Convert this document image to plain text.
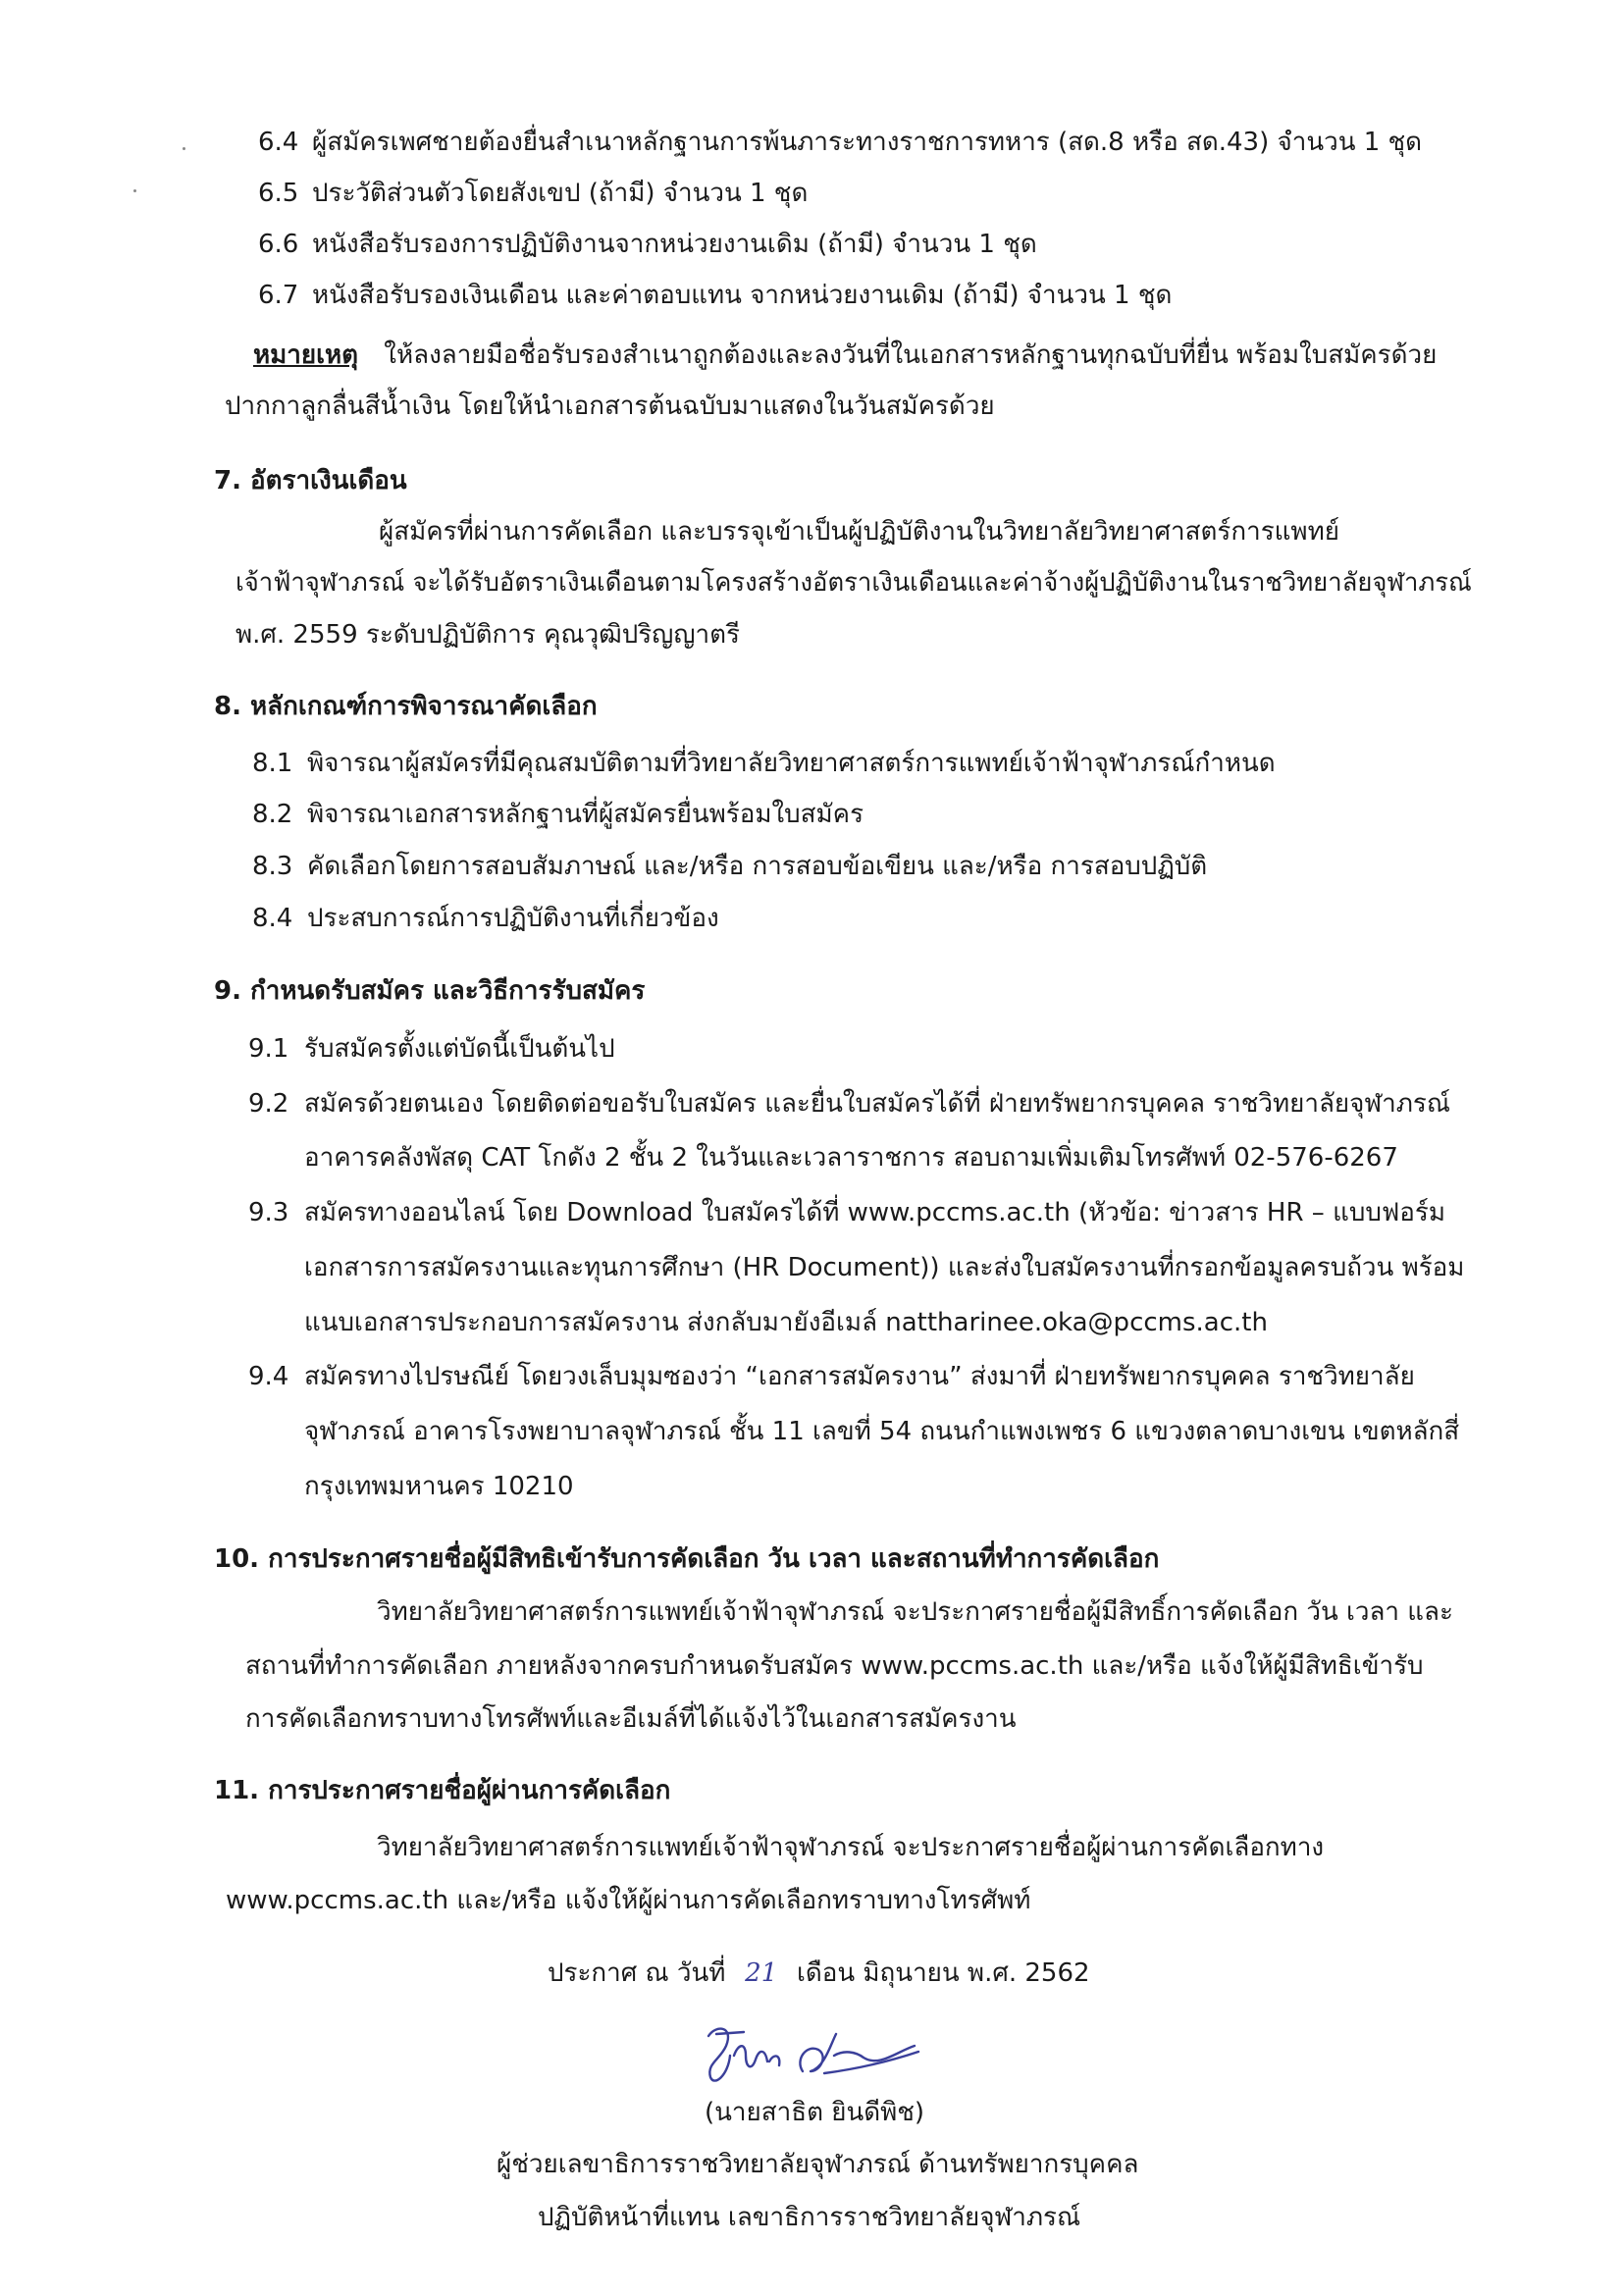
6.4 ผู้สมัครเพศชายต้องยื่นสำเนาหลักฐานการพ้นภาระทางราชการทหาร (สด.8 หรือ สด.43) จำนวน 1 ชุด
6.5 ประวัติส่วนตัวโดยสังเขป (ถ้ามี) จำนวน 1 ชุด
6.6 หนังสือรับรองการปฏิบัติงานจากหน่วยงานเดิม (ถ้ามี) จำนวน 1 ชุด
6.7 หนังสือรับรองเงินเดือน และค่าตอบแทน จากหน่วยงานเดิม (ถ้ามี) จำนวน 1 ชุด
หมายเหตุ ให้ลงลายมือชื่อรับรองสำเนาถูกต้องและลงวันที่ในเอกสารหลักฐานทุกฉบับที่ยื่น พร้อมใบสมัครด้วย
ปากกาลูกลื่นสีน้ำเงิน โดยให้นำเอกสารต้นฉบับมาแสดงในวันสมัครด้วย
7. อัตราเงินเดือน
ผู้สมัครที่ผ่านการคัดเลือก และบรรจุเข้าเป็นผู้ปฏิบัติงานในวิทยาลัยวิทยาศาสตร์การแพทย์
เจ้าฟ้าจุฬาภรณ์ จะได้รับอัตราเงินเดือนตามโครงสร้างอัตราเงินเดือนและค่าจ้างผู้ปฏิบัติงานในราชวิทยาลัยจุฬาภรณ์
พ.ศ. 2559 ระดับปฏิบัติการ คุณวุฒิปริญญาตรี
8. หลักเกณฑ์การพิจารณาคัดเลือก
8.1 พิจารณาผู้สมัครที่มีคุณสมบัติตามที่วิทยาลัยวิทยาศาสตร์การแพทย์เจ้าฟ้าจุฬาภรณ์กำหนด
8.2 พิจารณาเอกสารหลักฐานที่ผู้สมัครยื่นพร้อมใบสมัคร
8.3 คัดเลือกโดยการสอบสัมภาษณ์ และ/หรือ การสอบข้อเขียน และ/หรือ การสอบปฏิบัติ
8.4 ประสบการณ์การปฏิบัติงานที่เกี่ยวข้อง
9. กำหนดรับสมัคร และวิธีการรับสมัคร
9.1 รับสมัครตั้งแต่บัดนี้เป็นต้นไป
9.2 สมัครด้วยตนเอง โดยติดต่อขอรับใบสมัคร และยื่นใบสมัครได้ที่ ฝ่ายทรัพยากรบุคคล ราชวิทยาลัยจุฬาภรณ์
อาคารคลังพัสดุ CAT โกดัง 2 ชั้น 2 ในวันและเวลาราชการ สอบถามเพิ่มเติมโทรศัพท์ 02-576-6267
9.3 สมัครทางออนไลน์ โดย Download ใบสมัครได้ที่ www.pccms.ac.th (หัวข้อ: ข่าวสาร HR – แบบฟอร์ม
เอกสารการสมัครงานและทุนการศึกษา (HR Document)) และส่งใบสมัครงานที่กรอกข้อมูลครบถ้วน พร้อม
แนบเอกสารประกอบการสมัครงาน ส่งกลับมายังอีเมล์ nattharinee.oka@pccms.ac.th
9.4 สมัครทางไปรษณีย์ โดยวงเล็บมุมซองว่า “เอกสารสมัครงาน” ส่งมาที่ ฝ่ายทรัพยากรบุคคล ราชวิทยาลัย
จุฬาภรณ์ อาคารโรงพยาบาลจุฬาภรณ์ ชั้น 11 เลขที่ 54 ถนนกำแพงเพชร 6 แขวงตลาดบางเขน เขตหลักสี่
กรุงเทพมหานคร 10210
10. การประกาศรายชื่อผู้มีสิทธิเข้ารับการคัดเลือก วัน เวลา และสถานที่ทำการคัดเลือก
วิทยาลัยวิทยาศาสตร์การแพทย์เจ้าฟ้าจุฬาภรณ์ จะประกาศรายชื่อผู้มีสิทธิ์การคัดเลือก วัน เวลา และ
สถานที่ทำการคัดเลือก ภายหลังจากครบกำหนดรับสมัคร www.pccms.ac.th และ/หรือ แจ้งให้ผู้มีสิทธิเข้ารับ
การคัดเลือกทราบทางโทรศัพท์และอีเมล์ที่ได้แจ้งไว้ในเอกสารสมัครงาน
11. การประกาศรายชื่อผู้ผ่านการคัดเลือก
วิทยาลัยวิทยาศาสตร์การแพทย์เจ้าฟ้าจุฬาภรณ์ จะประกาศรายชื่อผู้ผ่านการคัดเลือกทาง
www.pccms.ac.th และ/หรือ แจ้งให้ผู้ผ่านการคัดเลือกทราบทางโทรศัพท์
ประกาศ ณ วันที่ 21 เดือน มิถุนายน พ.ศ. 2562
(นายสาธิต ยินดีพิช)
ผู้ช่วยเลขาธิการราชวิทยาลัยจุฬาภรณ์ ด้านทรัพยากรบุคคล
ปฏิบัติหน้าที่แทน เลขาธิการราชวิทยาลัยจุฬาภรณ์
